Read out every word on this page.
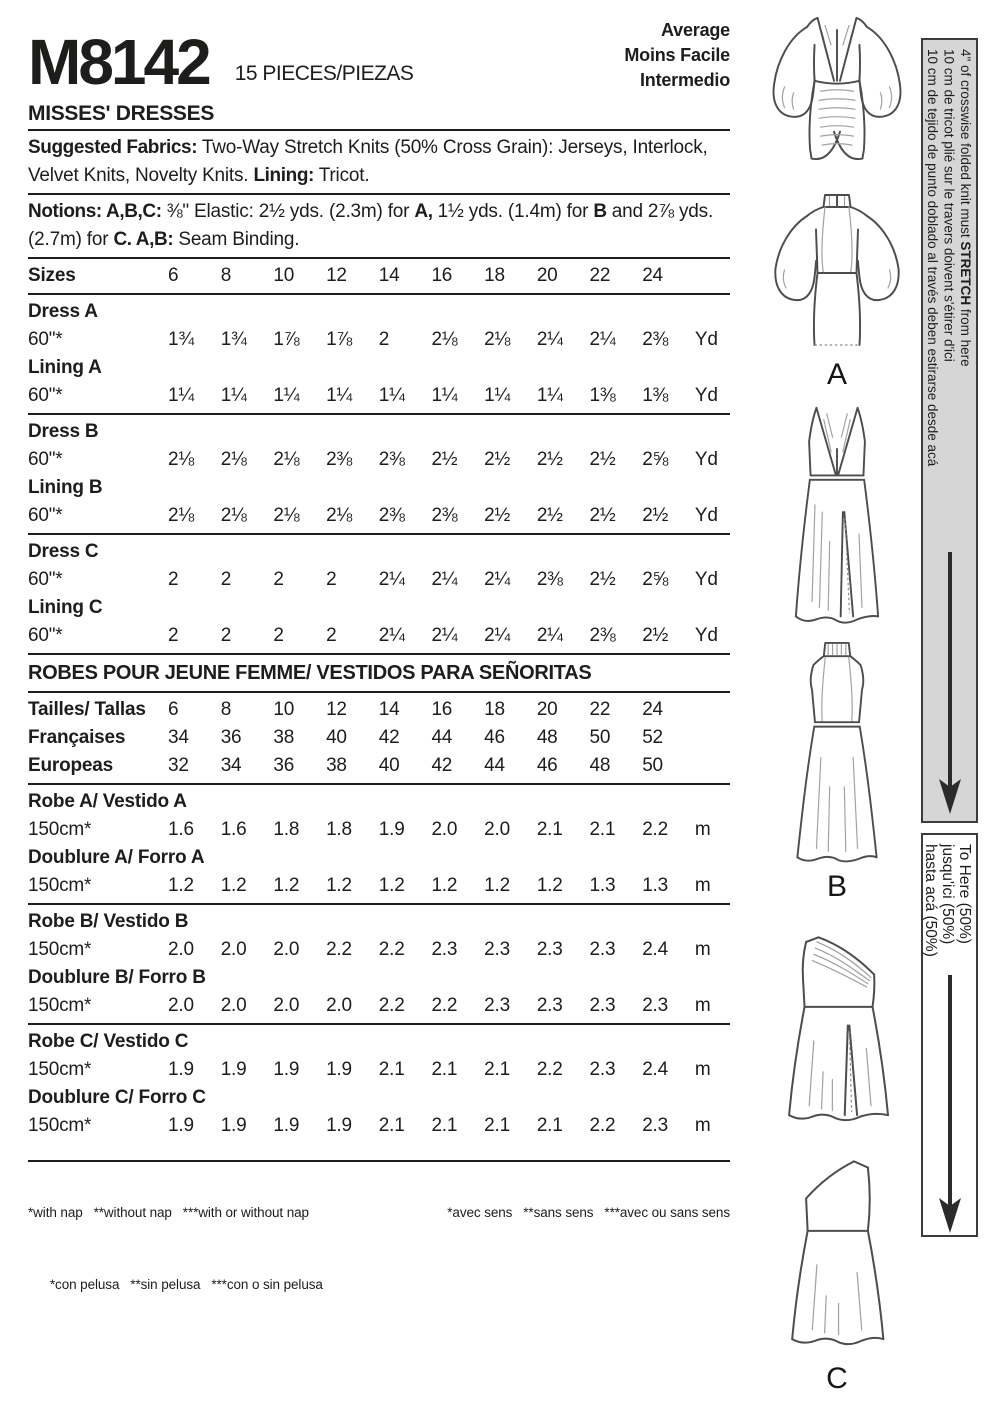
M8142 15 PIECES/PIEZAS
Average
Moins Facile
Intermedio
MISSES' DRESSES

Suggested Fabrics: Two-Way Stretch Knits (50% Cross Grain): Jerseys, Interlock, Velvet Knits, Novelty Knits. Lining: Tricot.

Notions: A,B,C: ⅜" Elastic: 2½ yds. (2.3m) for A, 1½ yds. (1.4m) for B and 2⅞ yds. (2.7m) for C. A,B: Seam Binding.

Sizes	6	8	10	12	14	16	18	20	22	24
Dress A
60"*	1¾	1¾	1⅞	1⅞	2	2⅛	2⅛	2¼	2¼	2⅜	Yd
Lining A
60"*	1¼	1¼	1¼	1¼	1¼	1¼	1¼	1¼	1⅜	1⅜	Yd
Dress B
60"*	2⅛	2⅛	2⅛	2⅜	2⅜	2½	2½	2½	2½	2⅝	Yd
Lining B
60"*	2⅛	2⅛	2⅛	2⅛	2⅜	2⅜	2½	2½	2½	2½	Yd
Dress C
60"*	2	2	2	2	2¼	2¼	2¼	2⅜	2½	2⅝	Yd
Lining C
60"*	2	2	2	2	2¼	2¼	2¼	2¼	2⅜	2½	Yd
ROBES POUR JEUNE FEMME/ VESTIDOS PARA SEÑORITAS
Tailles/ Tallas	6	8	10	12	14	16	18	20	22	24
Françaises	34	36	38	40	42	44	46	48	50	52
Europeas	32	34	36	38	40	42	44	46	48	50
Robe A/ Vestido A
150cm*	1.6	1.6	1.8	1.8	1.9	2.0	2.0	2.1	2.1	2.2	m
Doublure A/ Forro A
150cm*	1.2	1.2	1.2	1.2	1.2	1.2	1.2	1.2	1.3	1.3	m
Robe B/ Vestido B
150cm*	2.0	2.0	2.0	2.2	2.2	2.3	2.3	2.3	2.3	2.4	m
Doublure B/ Forro B
150cm*	2.0	2.0	2.0	2.0	2.2	2.2	2.3	2.3	2.3	2.3	m
Robe C/ Vestido C
150cm*	1.9	1.9	1.9	1.9	2.1	2.1	2.1	2.2	2.3	2.4	m
Doublure C/ Forro C
150cm*	1.9	1.9	1.9	1.9	2.1	2.1	2.1	2.1	2.2	2.3	m

*with nap   **without nap   ***with or without nap	*avec sens   **sans sens   ***avec ou sans sens

*con pelusa   **sin pelusa   ***con o sin pelusa

A
B
C
4" of crosswise folded knit must STRETCH from here
10 cm de tricot plié sur le travers doivent s'étirer d'ici
10 cm de tejido de punto doblado al través deben estirarse desde acá
To Here (50%)
jusqu'ici (50%)
hasta acá (50%)
